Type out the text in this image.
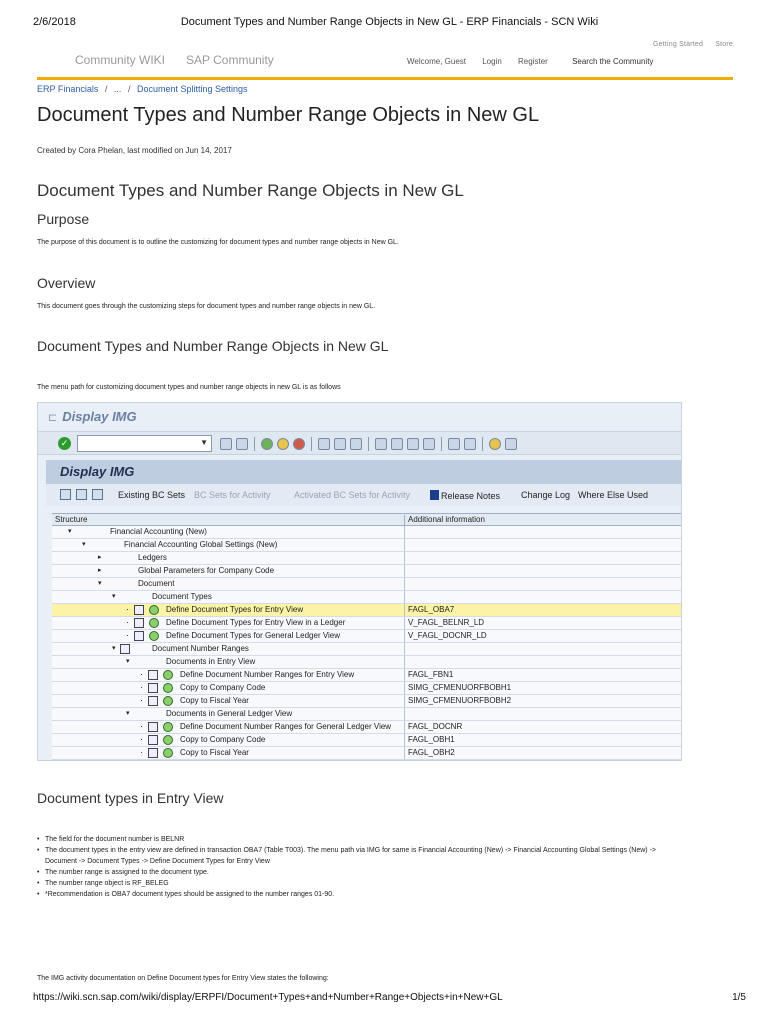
2/6/2018	Document Types and Number Range Objects in New GL - ERP Financials - SCN Wiki
Getting Started Store
Community WIKI SAP Community	Welcome, Guest Login Register	Search the Community
ERP Financials / ... / Document Splitting Settings
Document Types and Number Range Objects in New GL
Created by Cora Phelan, last modified on Jun 14, 2017
Document Types and Number Range Objects in New GL
Purpose

The purpose of this document is to outline the customizing for document types and number range objects in New GL.

Overview

This document goes through the customizing steps for document types and number range objects in new GL.

Document Types and Number Range Objects in New GL

The menu path for customizing document types and number range objects in new GL is as follows

⊏ Display IMG
✓	▼
Display IMG
Existing BC Sets BC Sets for Activity	Activated BC Sets for Activity	Release Notes Change Log Where Else Used
Structure	Additional information
▾	Financial Accounting (New)
▾	Financial Accounting Global Settings (New)
▸	Ledgers
▸	Global Parameters for Company Code
▾	Document
▾	Document Types
·	Define Document Types for Entry View	FAGL_OBA7
·	Define Document Types for Entry View in a Ledger	V_FAGL_BELNR_LD
·	Define Document Types for General Ledger View	V_FAGL_DOCNR_LD
▾	Document Number Ranges
▾	Documents in Entry View
·	Define Document Number Ranges for Entry View	FAGL_FBN1
·	Copy to Company Code	SIMG_CFMENUORFBOBH1
·	Copy to Fiscal Year	SIMG_CFMENUORFBOBH2
▾	Documents in General Ledger View
·	Define Document Number Ranges for General Ledger View	FAGL_DOCNR
·	Copy to Company Code	FAGL_OBH1
·	Copy to Fiscal Year	FAGL_OBH2
Document types in Entry View
• The field for the document number is BELNR
• The document types in the entry view are defined in transaction OBA7 (Table T003). The menu path via IMG for same is Financial Accounting (New) -> Financial Accounting Global Settings (New) ->
Document -> Document Types -> Define Document Types for Entry View
• The number range is assigned to the document type.
• The number range object is RF_BELEG
• *Recommendation is OBA7 document types should be assigned to the number ranges 01-90.

The IMG activity documentation on Define Document types for Entry View states the following:

https://wiki.scn.sap.com/wiki/display/ERPFI/Document+Types+and+Number+Range+Objects+in+New+GL	1/5
